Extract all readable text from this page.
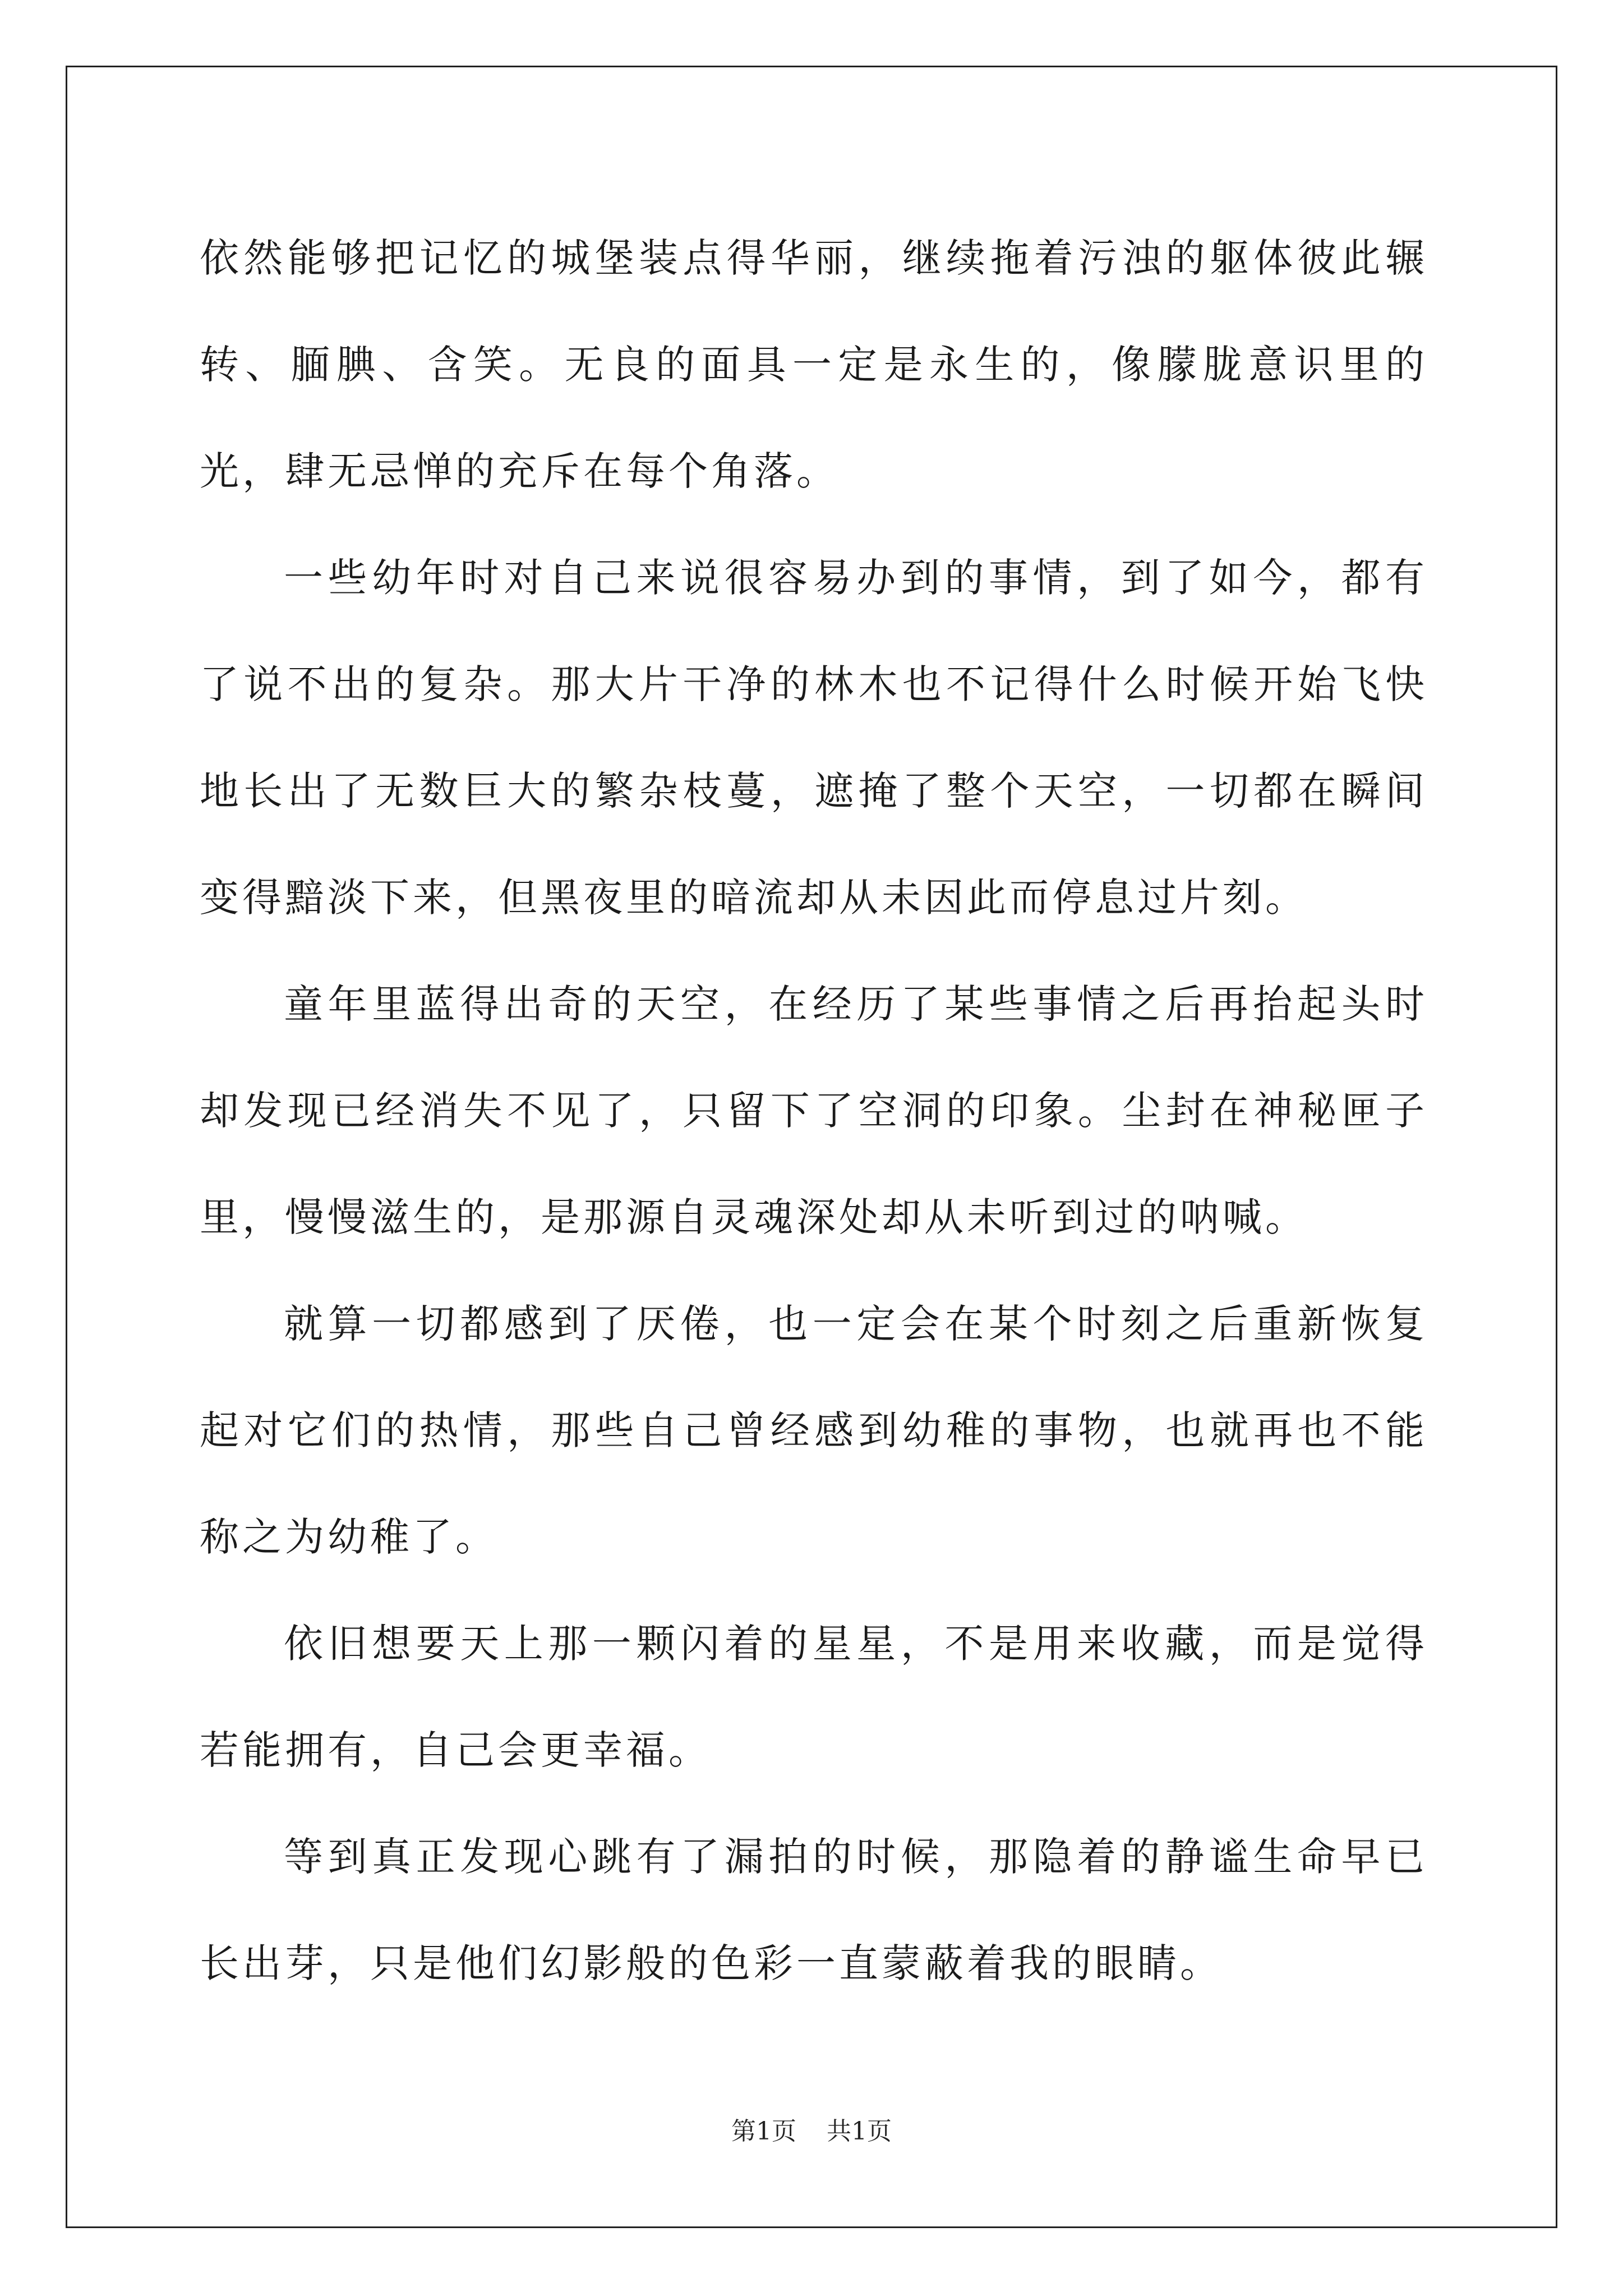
依然能够把记忆的城堡装点得华丽，继续拖着污浊的躯体彼此辗转、腼腆、含笑。无良的面具一定是永生的，像朦胧意识里的光，肆无忌惮的充斥在每个角落。

一些幼年时对自己来说很容易办到的事情，到了如今，都有了说不出的复杂。那大片干净的林木也不记得什么时候开始飞快地长出了无数巨大的繁杂枝蔓，遮掩了整个天空，一切都在瞬间变得黯淡下来，但黑夜里的暗流却从未因此而停息过片刻。

童年里蓝得出奇的天空，在经历了某些事情之后再抬起头时却发现已经消失不见了，只留下了空洞的印象。尘封在神秘匣子里，慢慢滋生的，是那源自灵魂深处却从未听到过的呐喊。

就算一切都感到了厌倦，也一定会在某个时刻之后重新恢复起对它们的热情，那些自己曾经感到幼稚的事物，也就再也不能称之为幼稚了。

依旧想要天上那一颗闪着的星星，不是用来收藏，而是觉得若能拥有，自己会更幸福。

等到真正发现心跳有了漏拍的时候，那隐着的静谧生命早已长出芽，只是他们幻影般的色彩一直蒙蔽着我的眼睛。

第1页 共1页
